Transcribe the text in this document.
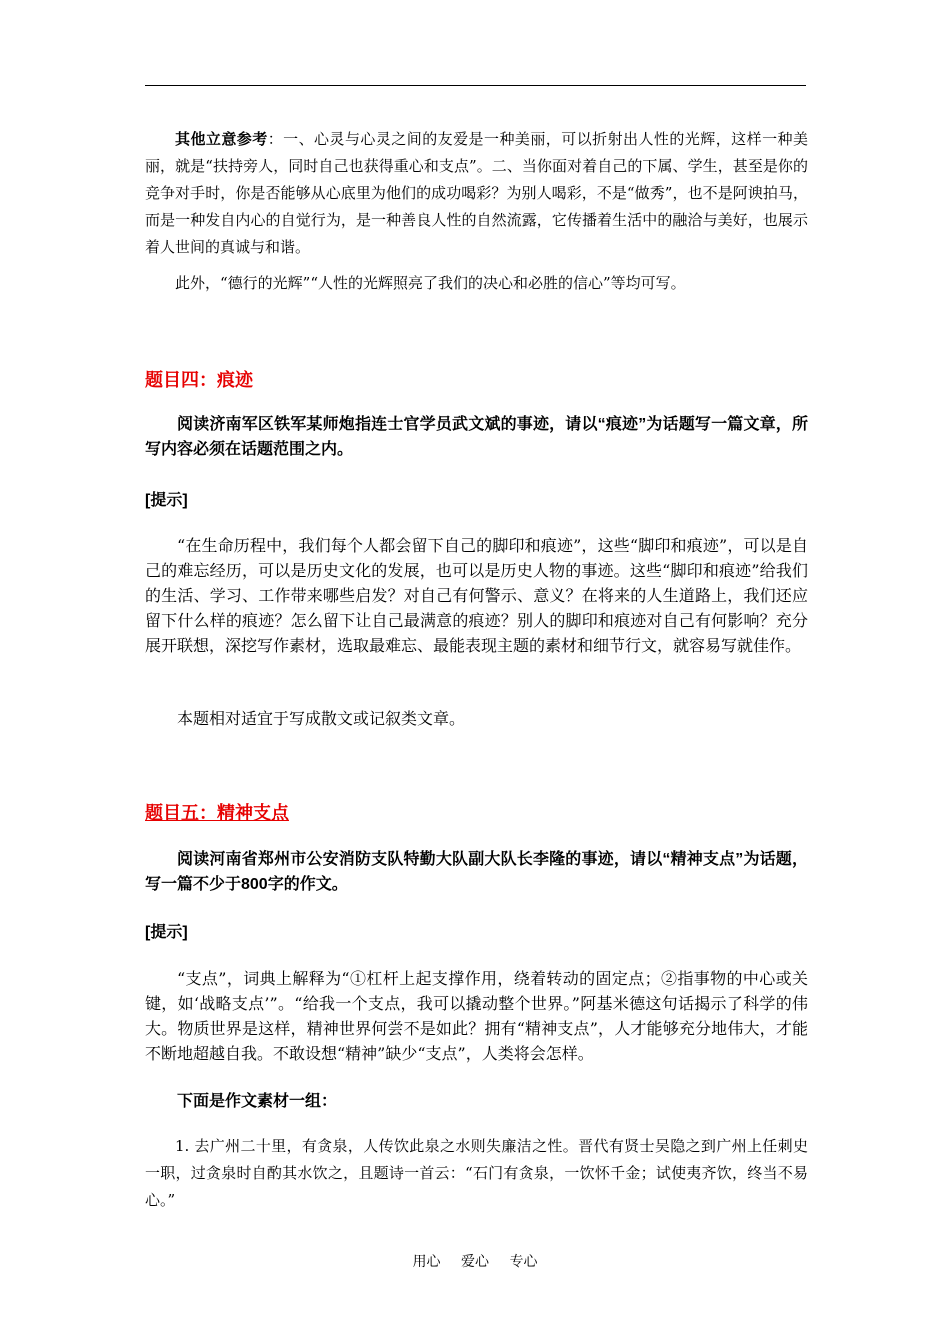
其他立意参考：一、心灵与心灵之间的友爱是一种美丽，可以折射出人性的光辉，这样一种美丽，就是“扶持旁人，同时自己也获得重心和支点”。二、当你面对着自己的下属、学生，甚至是你的竞争对手时，你是否能够从心底里为他们的成功喝彩？为别人喝彩，不是“做秀”，也不是阿谀拍马，而是一种发自内心的自觉行为，是一种善良人性的自然流露，它传播着生活中的融洽与美好，也展示着人世间的真诚与和谐。
此外，“德行的光辉”“人性的光辉照亮了我们的决心和必胜的信心”等均可写。
题目四：痕迹
阅读济南军区铁军某师炮指连士官学员武文斌的事迹，请以“痕迹”为话题写一篇文章，所写内容必须在话题范围之内。
[提示]
“在生命历程中，我们每个人都会留下自己的脚印和痕迹”，这些“脚印和痕迹”，可以是自己的难忘经历，可以是历史文化的发展，也可以是历史人物的事迹。这些“脚印和痕迹”给我们的生活、学习、工作带来哪些启发？对自己有何警示、意义？在将来的人生道路上，我们还应留下什么样的痕迹？怎么留下让自己最满意的痕迹？别人的脚印和痕迹对自己有何影响？充分展开联想，深挖写作素材，选取最难忘、最能表现主题的素材和细节行文，就容易写就佳作。
本题相对适宜于写成散文或记叙类文章。
题目五：精神支点
阅读河南省郑州市公安消防支队特勤大队副大队长李隆的事迹，请以“精神支点”为话题，写一篇不少于800字的作文。
[提示]
“支点”，词典上解释为“①杠杆上起支撑作用，绕着转动的固定点；②指事物的中心或关键，如‘战略支点’”。“给我一个支点，我可以撬动整个世界。”阿基米德这句话揭示了科学的伟大。物质世界是这样，精神世界何尝不是如此？拥有“精神支点”，人才能够充分地伟大，才能不断地超越自我。不敢设想“精神”缺少“支点”，人类将会怎样。
下面是作文素材一组：
1. 去广州二十里，有贪泉，人传饮此泉之水则失廉洁之性。晋代有贤士吴隐之到广州上任刺史一职，过贪泉时自酌其水饮之，且题诗一首云：“石门有贪泉，一饮怀千金；试使夷齐饮，终当不易心。”
用心 爱心 专心
